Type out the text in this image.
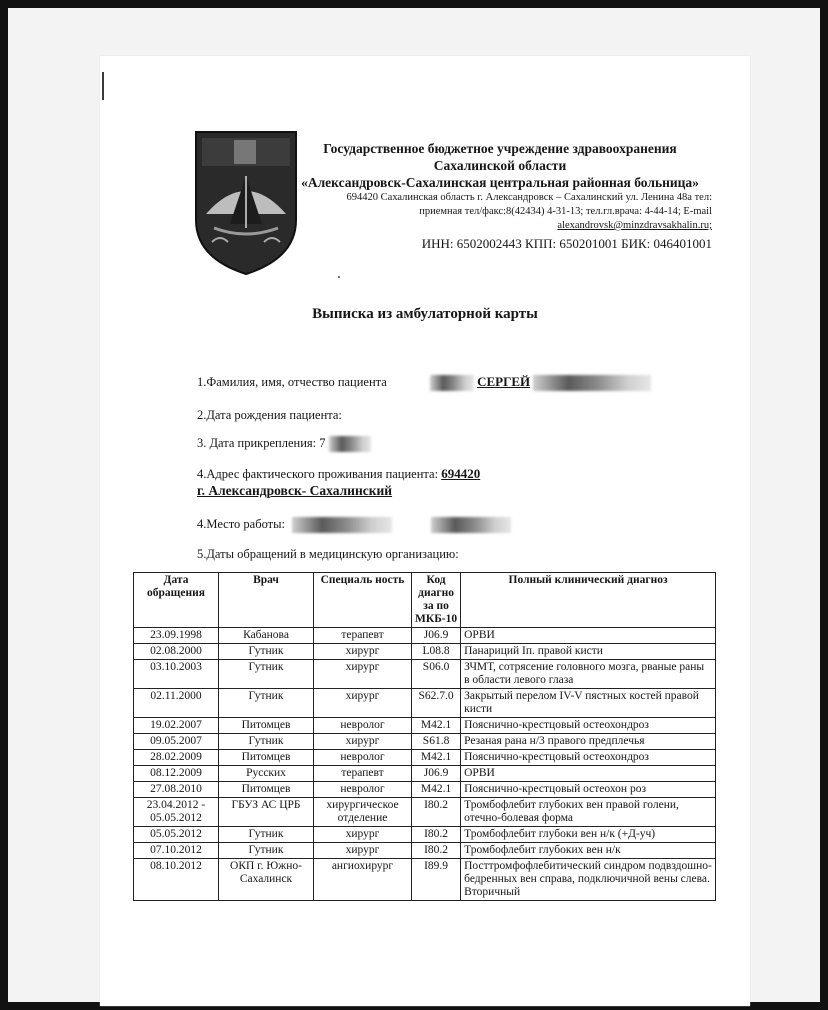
Государственное бюджетное учреждение здравоохранения
Сахалинской области
«Александровск-Сахалинская центральная районная больница»
694420 Сахалинская область г. Александровск – Сахалинский ул. Ленина 48а тел:
приемная тел/факс:8(42434) 4-31-13; тел.гл.врача: 4-44-14; E-mail
alexandrovsk@minzdravsakhalin.ru;
ИНН: 6502002443 КПП: 650201001 БИК: 046401001
Выписка из амбулаторной карты
1.Фамилия, имя, отчество пациента	СЕРГЕЙ
2.Дата рождения пациента:
3. Дата прикрепления: 7
4.Адрес фактического проживания пациента: 694420
г. Александровск- Сахалинский
4.Место работы:
5.Даты обращений в медицинскую организацию:
Дата обращения	Врач	Специаль ность	Код диагно за по МКБ-10	Полный клинический диагноз
23.09.1998	Кабанова	терапевт	J06.9	ОРВИ
02.08.2000	Гутник	хирург	L08.8	Панариций Iп. правой кисти
03.10.2003	Гутник	хирург	S06.0	ЗЧМТ, сотрясение головного мозга, рваные раны в области левого глаза
02.11.2000	Гутник	хирург	S62.7.0	Закрытый перелом IV-V пястных костей правой кисти
19.02.2007	Питомцев	невролог	M42.1	Пояснично-крестцовый остеохондроз
09.05.2007	Гутник	хирург	S61.8	Резаная рана н/3 правого предплечья
28.02.2009	Питомцев	невролог	M42.1	Пояснично-крестцовый остеохондроз
08.12.2009	Русских	терапевт	J06.9	ОРВИ
27.08.2010	Питомцев	невролог	M42.1	Пояснично-крестцовый остеохон роз
23.04.2012 - 05.05.2012	ГБУЗ АС ЦРБ	хирургическое отделение	I80.2	Тромбофлебит глубоких вен правой голени, отечно-болевая форма
05.05.2012	Гутник	хирург	I80.2	Тромбофлебит глубоки вен н/к (+Д-уч)
07.10.2012	Гутник	хирург	I80.2	Тромбофлебит глубоких вен н/к
08.10.2012	ОКП г. Южно-Сахалинск	ангиохирург	I89.9	Посттромфофлебитический синдром подвздошно-бедренных вен справа, подключичной вены слева. Вторичный
